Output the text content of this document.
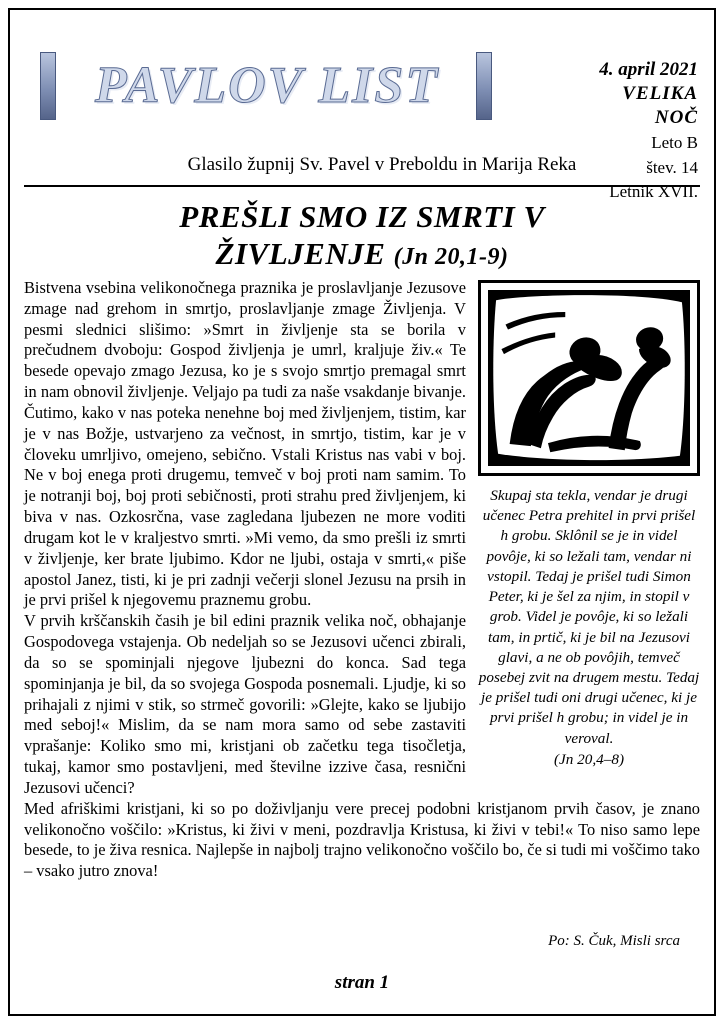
PAVLOV LIST	4. april 2021
VELIKA
NOČ
Leto B
štev. 14
Letnik XVII.
Glasilo župnij Sv. Pavel v Preboldu in Marija Reka
PREŠLI SMO IZ SMRTI V
ŽIVLJENJE (Jn 20,1-9)
Skupaj sta tekla, vendar je drugi učenec Petra prehitel in prvi prišel h grobu. Sklônil se je in videl povôje, ki so ležali tam, vendar ni vstopil. Tedaj je prišel tudi Simon Peter, ki je šel za njim, in stopil v grob. Videl je povôje, ki so ležali tam, in prtič, ki je bil na Jezusovi glavi, a ne ob povôjih, temveč posebej zvit na drugem mestu. Tedaj je prišel tudi oni drugi učenec, ki je prvi prišel h grobu; in videl je in veroval.
(Jn 20,4–8)

Bistvena vsebina velikonočnega praznika je proslavljanje Jezusove zmage nad grehom in smrtjo, proslavljanje zmage Življenja. V pesmi slednici slišimo: »Smrt in življenje sta se borila v prečudnem dvoboju: Gospod življenja je umrl, kraljuje živ.« Te besede opevajo zmago Jezusa, ko je s svojo smrtjo premagal smrt in nam obnovil življenje. Veljajo pa tudi za naše vsakdanje bivanje. Čutimo, kako v nas poteka nenehne boj med življenjem, tistim, kar je v nas Božje, ustvarjeno za večnost, in smrtjo, tistim, kar je v človeku umrljivo, omejeno, sebično. Vstali Kristus nas vabi v boj. Ne v boj enega proti drugemu, temveč v boj proti nam samim. To je notranji boj, boj proti sebičnosti, proti strahu pred življenjem, ki biva v nas. Ozkosrčna, vase zagledana ljubezen ne more voditi drugam kot le v kraljestvo smrti. »Mi vemo, da smo prešli iz smrti v življenje, ker brate ljubimo. Kdor ne ljubi, ostaja v smrti,« piše apostol Janez, tisti, ki je pri zadnji večerji slonel Jezusu na prsih in je prvi prišel k njegovemu praznemu grobu.

V prvih krščanskih časih je bil edini praznik velika noč, obhajanje Gospodovega vstajenja. Ob nedeljah so se Jezusovi učenci zbirali, da so se spominjali njegove ljubezni do konca. Sad tega spominjanja je bil, da so svojega Gospoda posnemali. Ljudje, ki so prihajali z njimi v stik, so strmeč govorili: »Glejte, kako se ljubijo med seboj!« Mislim, da se nam mora samo od sebe zastaviti vprašanje: Koliko smo mi, kristjani ob začetku tega tisočletja, tukaj, kamor smo postavljeni, med številne izzive časa, resnični Jezusovi učenci?

Med afriškimi kristjani, ki so po doživljanju vere precej podobni kristjanom prvih časov, je znano velikonočno voščilo: »Kristus, ki živi v meni, pozdravlja Kristusa, ki živi v tebi!« To niso samo lepe besede, to je živa resnica. Najlepše in najbolj trajno velikonočno voščilo bo, če si tudi mi voščimo tako – vsako jutro znova!

Po: S. Čuk, Misli srca
stran 1
